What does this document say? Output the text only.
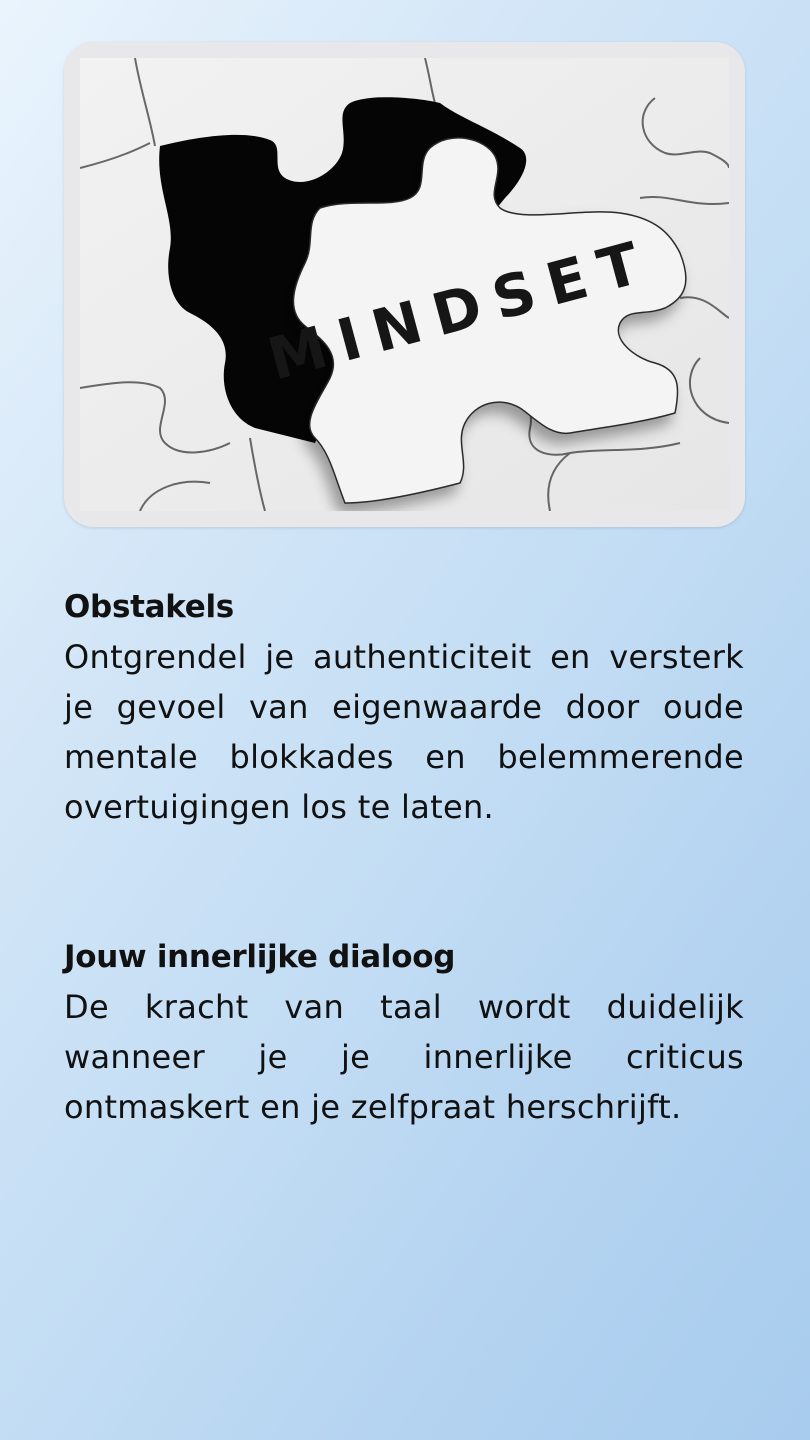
MINDSET
Obstakels

Ontgrendel je authenticiteit en versterk je gevoel van eigenwaarde door oude mentale blokkades en belemmerende overtuigingen los te laten.

Jouw innerlijke dialoog

De kracht van taal wordt duidelijk wanneer je je innerlijke criticus ontmaskert en je zelfpraat herschrijft.
